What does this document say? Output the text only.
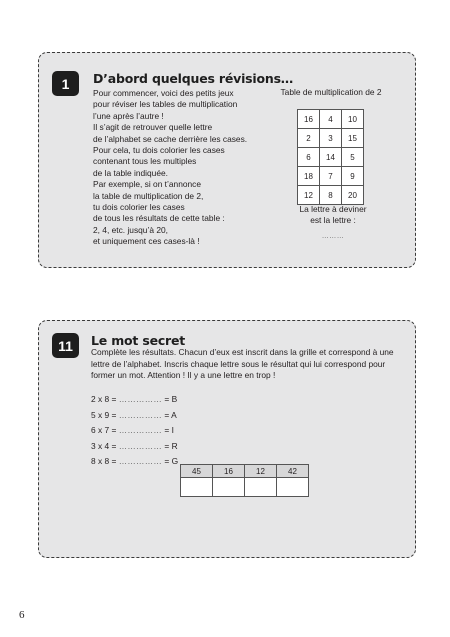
1	D’abord quelques révisions…
Pour commencer, voici des petits jeux
pour réviser les tables de multiplication
l’une après l’autre !
Il s’agit de retrouver quelle lettre
de l’alphabet se cache derrière les cases.
Pour cela, tu dois colorier les cases
contenant tous les multiples
de la table indiquée.
Par exemple, si on t’annonce
la table de multiplication de 2,
tu dois colorier les cases
de tous les résultats de cette table :
2, 4, etc. jusqu’à 20,
et uniquement ces cases-là !
Table de multiplication de 2
16	4	10
2	3	15
6	14	5
18	7	9
12	8	20
La lettre à deviner
est la lettre :
………
11	Le mot secret
Complète les résultats. Chacun d’eux est inscrit dans la grille et correspond à une
lettre de l’alphabet. Inscris chaque lettre sous le résultat qui lui correspond pour
former un mot. Attention ! Il y a une lettre en trop !
2 x 8 = …………… = B
5 x 9 = …………… = A
6 x 7 = …………… = I
3 x 4 = …………… = R
8 x 8 = …………… = G
45	16	12	42

6
